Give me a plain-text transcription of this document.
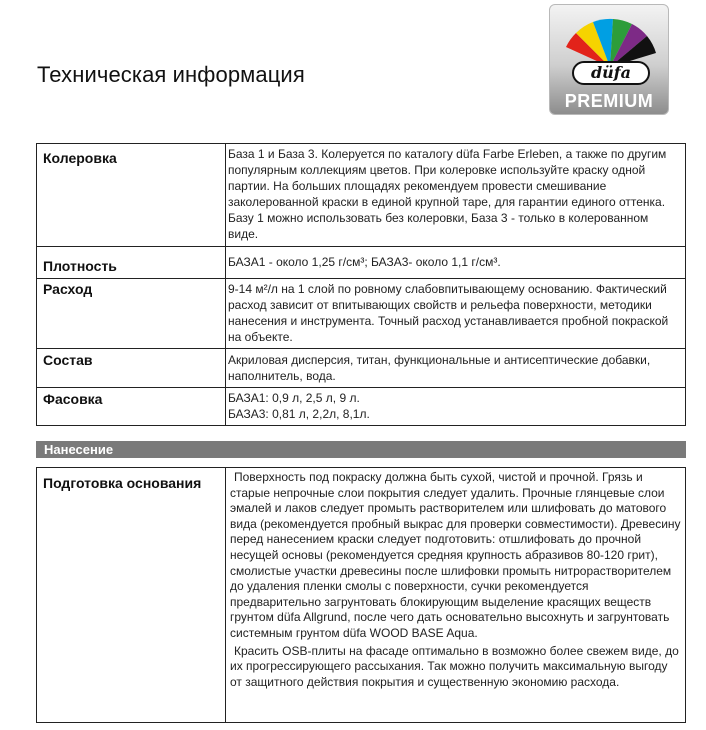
Техническая информация	düfa
PREMIUM
Колеровка	База 1 и База 3. Колеруется по каталогу düfa Farbe Erleben, а также по другим популярным коллекциям цветов. При колеровке используйте краску одной партии. На больших площадях рекомендуем провести смешивание заколерованной краски в единой крупной таре, для гарантии единого оттенка. Базу 1 можно использовать без колеровки, База 3 - только в колерованном виде.
Плотность	БАЗА1 - около 1,25 г/см³; БАЗА3- около 1,1 г/см³.
Расход	9-14 м²/л на 1 слой по ровному слабовпитывающему основанию. Фактический расход зависит от впитывающих свойств и рельефа поверхности, методики нанесения и инструмента. Точный расход устанавливается пробной покраской на объекте.
Состав	Акриловая дисперсия, титан, функциональные и антисептические добавки, наполнитель, вода.
Фасовка	БАЗА1: 0,9 л, 2,5 л, 9 л.
БАЗА3: 0,81 л, 2,2л, 8,1л.
Нанесение
Подготовка основания	Поверхность под покраску должна быть сухой, чистой и прочной. Грязь и старые непрочные слои покрытия следует удалить. Прочные глянцевые слои эмалей и лаков следует промыть растворителем или шлифовать до матового вида (рекомендуется пробный выкрас для проверки совместимости). Древесину перед нанесением краски следует подготовить: отшлифовать до прочной несущей основы (рекомендуется средняя крупность абразивов 80-120 грит), смолистые участки древесины после шлифовки промыть нитрорастворителем до удаления пленки смолы с поверхности, сучки рекомендуется предварительно загрунтовать блокирующим выделение красящих веществ грунтом düfa Allgrund, после чего дать основательно высохнуть и загрунтовать системным грунтом düfa WOOD BASE Aqua.
Красить OSB-плиты на фасаде оптимально в возможно более свежем виде, до их прогрессирующего рассыхания. Так можно получить максимальную выгоду от защитного действия покрытия и существенную экономию расхода.
